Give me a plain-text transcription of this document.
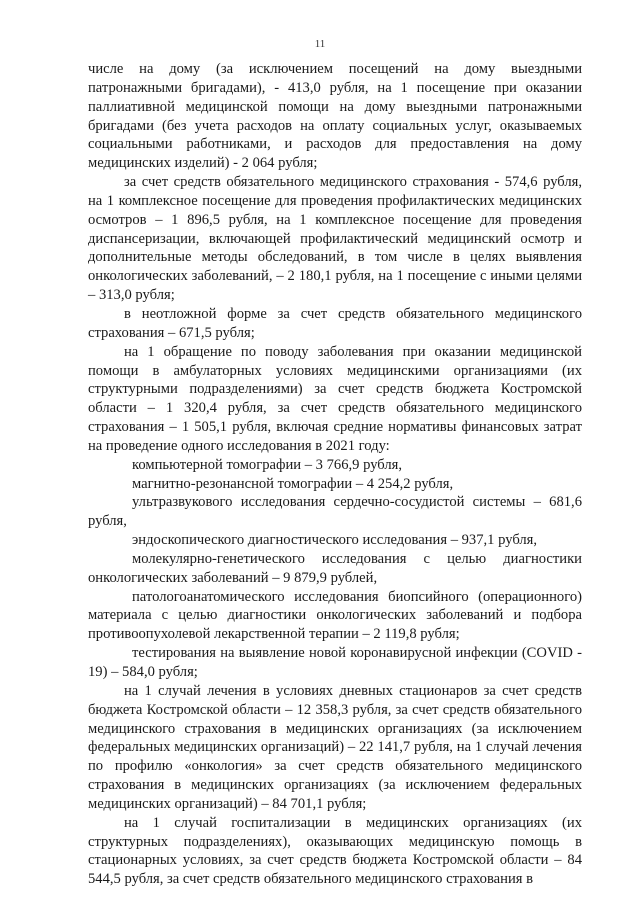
11

числе на дому (за исключением посещений на дому выездными патронажными бригадами), - 413,0 рубля, на 1 посещение при оказании паллиативной медицинской помощи на дому выездными патронажными бригадами (без учета расходов на оплату социальных услуг, оказываемых социальными работниками, и расходов для предоставления на дому медицинских изделий) - 2 064 рубля;

за счет средств обязательного медицинского страхования - 574,6 рубля, на 1 комплексное посещение для проведения профилактических медицинских осмотров – 1 896,5 рубля, на 1 комплексное посещение для проведения диспансеризации, включающей профилактический медицинский осмотр и дополнительные методы обследований, в том числе в целях выявления онкологических заболеваний, – 2 180,1 рубля, на 1 посещение с иными целями – 313,0 рубля;

в неотложной форме за счет средств обязательного медицинского страхования – 671,5 рубля;

на 1 обращение по поводу заболевания при оказании медицинской помощи в амбулаторных условиях медицинскими организациями (их структурными подразделениями) за счет средств бюджета Костромской области – 1 320,4 рубля, за счет средств обязательного медицинского страхования – 1 505,1 рубля, включая средние нормативы финансовых затрат на проведение одного исследования в 2021 году:

компьютерной томографии – 3 766,9 рубля,

магнитно-резонансной томографии – 4 254,2 рубля,

ультразвукового исследования сердечно-сосудистой системы – 681,6 рубля,

эндоскопического диагностического исследования – 937,1 рубля,

молекулярно-генетического исследования с целью диагностики онкологических заболеваний – 9 879,9 рублей,

патологоанатомического исследования биопсийного (операционного) материала с целью диагностики онкологических заболеваний и подбора противоопухолевой лекарственной терапии – 2 119,8 рубля;

тестирования на выявление новой коронавирусной инфекции (COVID - 19) – 584,0 рубля;

на 1 случай лечения в условиях дневных стационаров за счет средств бюджета Костромской области – 12 358,3 рубля, за счет средств обязательного медицинского страхования в медицинских организациях (за исключением федеральных медицинских организаций) – 22 141,7 рубля, на 1 случай лечения по профилю «онкология» за счет средств обязательного медицинского страхования в медицинских организациях (за исключением федеральных медицинских организаций) – 84 701,1 рубля;

на 1 случай госпитализации в медицинских организациях (их структурных подразделениях), оказывающих медицинскую помощь в стационарных условиях, за счет средств бюджета Костромской области – 84 544,5 рубля, за счет средств обязательного медицинского страхования в
